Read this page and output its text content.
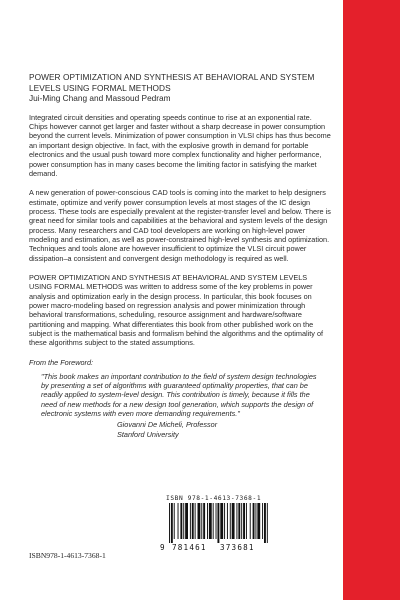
POWER OPTIMIZATION AND SYNTHESIS AT BEHAVIORAL AND SYSTEM LEVELS USING FORMAL METHODS

Jui-Ming Chang and Massoud Pedram

Integrated circuit densities and operating speeds continue to rise at an exponential rate. Chips however cannot get larger and faster without a sharp decrease in power consumption beyond the current levels. Minimization of power consumption in VLSI chips has thus become an important design objective. In fact, with the explosive growth in demand for portable electronics and the usual push toward more complex functionality and higher performance, power consumption has in many cases become the limiting factor in satisfying the market demand.

A new generation of power-conscious CAD tools is coming into the market to help designers estimate, optimize and verify power consumption levels at most stages of the IC design process. These tools are especially prevalent at the register-transfer level and below. There is great need for similar tools and capabilities at the behavioral and system levels of the design process. Many researchers and CAD tool developers are working on high-level power modeling and estimation, as well as power-constrained high-level synthesis and optimization. Techniques and tools alone are however insufficient to optimize the VLSI circuit power dissipation–a consistent and convergent design methodology is required as well.

POWER OPTIMIZATION AND SYNTHESIS AT BEHAVIORAL AND SYSTEM LEVELS USING FORMAL METHODS was written to address some of the key problems in power analysis and optimization early in the design process. In particular, this book focuses on power macro-modeling based on regression analysis and power minimization through behavioral transformations, scheduling, resource assignment and hardware/software partitioning and mapping. What differentiates this book from other published work on the subject is the mathematical basis and formalism behind the algorithms and the optimality of these algorithms subject to the stated assumptions.

From the Foreword:

"This book makes an important contribution to the field of system design technologies by presenting a set of algorithms with guaranteed optimality properties, that can be readily applied to system-level design. This contribution is timely, because it fills the need of new methods for a new design tool generation, which supports the design of electronic systems with even more demanding requirements."

Giovanni De Micheli, Professor
Stanford University
ISBN 978-1-4613-7368-1
9 781461 373681
ISBN978-1-4613-7368-1
